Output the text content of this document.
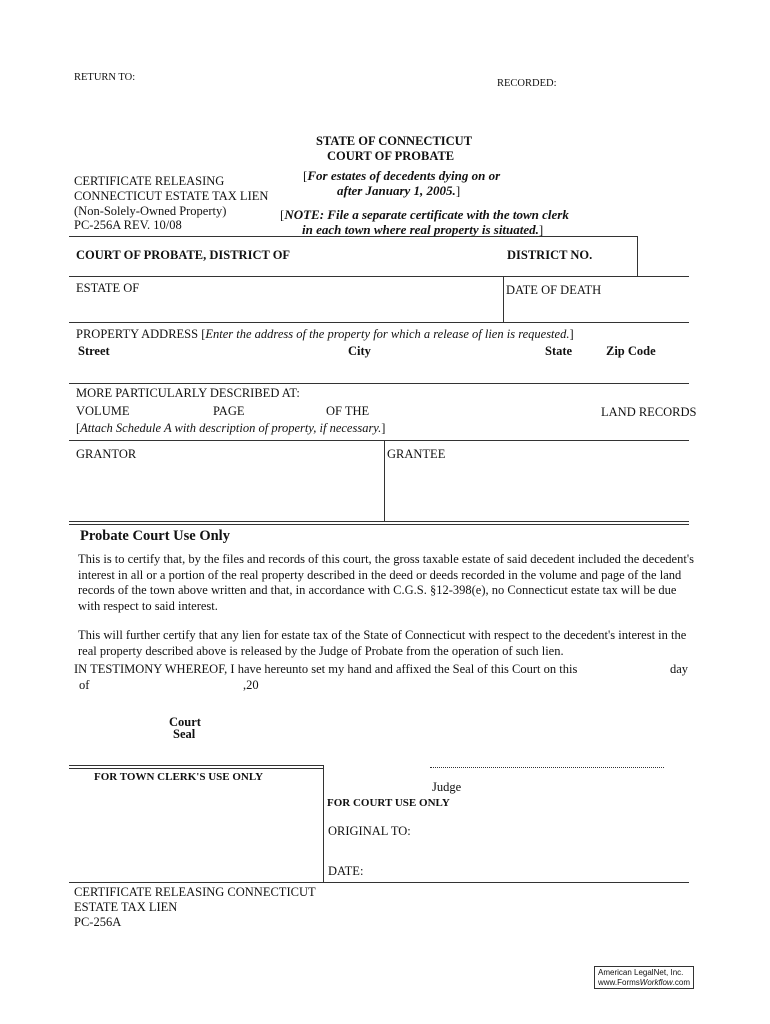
RETURN TO:
RECORDED:
STATE OF CONNECTICUT
COURT OF PROBATE
[For estates of decedents dying on or
after January 1, 2005.]
[NOTE: File a separate certificate with the town clerk
in each town where real property is situated.]
CERTIFICATE RELEASING
CONNECTICUT ESTATE TAX LIEN
(Non-Solely-Owned Property)
PC-256A REV. 10/08
COURT OF PROBATE, DISTRICT OF	DISTRICT NO.
ESTATE OF	DATE OF DEATH
PROPERTY ADDRESS [Enter the address of the property for which a release of lien is requested.]
Street	City	State	Zip Code
MORE PARTICULARLY DESCRIBED AT:
VOLUME	PAGE	OF THE	LAND RECORDS
[Attach Schedule A with description of property, if necessary.]
GRANTOR	GRANTEE
Probate Court Use Only
This is to certify that, by the files and records of this court, the gross taxable estate of said decedent included the decedent's interest in all or a portion of the real property described in the deed or deeds recorded in the volume and page of the land records of the town above written and that, in accordance with C.G.S. §12-398(e), no Connecticut estate tax will be due with respect to said interest.
This will further certify that any lien for estate tax of the State of Connecticut with respect to the decedent's interest in the real property described above is released by the Judge of Probate from the operation of such lien.
IN TESTIMONY WHEREOF, I have hereunto set my hand and affixed the Seal of this Court on this	day
of	,20
Court
Seal
Judge
FOR TOWN CLERK'S USE ONLY
FOR COURT USE ONLY
ORIGINAL TO:
DATE:
CERTIFICATE RELEASING CONNECTICUT
ESTATE TAX LIEN
PC-256A
American LegalNet, Inc.
www.FormsWorkflow.com
